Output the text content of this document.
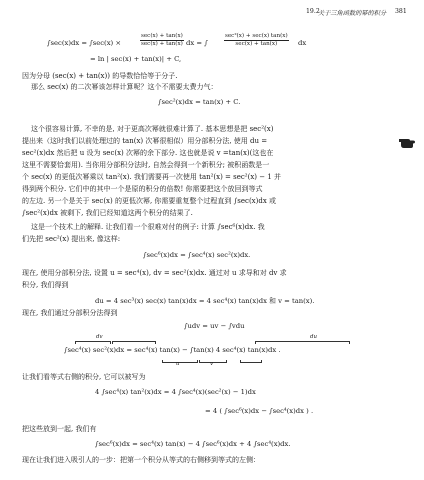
19.2
关于三角函数的幂的积分 381
∫sec(x)dx = ∫sec(x) ×
sec(x) + tan(x)
sec(x) + tan(x) dx = ∫
sec²(x) + sec(x) tan(x)
sec(x) + tan(x)	dx
= ln | sec(x) + tan(x)| + C,
因为分母 (sec(x) + tan(x)) 的导数恰恰等于分子.
那么 sec(x) 的二次幂该怎样计算呢？这个不需要太费力气：
∫sec²(x)dx = tan(x) + C.
这个很容易计算, 不幸的是, 对于更高次幂就很难计算了. 基本思想是把 sec²(x)
提出来（这时我们以前处理过的 tan(x) 次幂很相似）用分部积分法, 使用 du =
sec²(x)dx 然后把 u 设为 sec(x) 次幂的余下部分. 这也就是说 v =tan(x)(这也在
这里不需要恰套用). 当你用分部积分法时, 自然会得到一个新积分; 被积函数是一
个 sec(x) 的更低次幂乘以 tan²(x). 我们需要再一次使用 tan²(x) = sec²(x) − 1 并
得到两个积分. 它们中的其中一个是原的积分的倍数! 你需要把这个放回到等式
的左边. 另一个是关于 sec(x) 的更低次幂, 你需要重复整个过程直到 ∫sec(x)dx 或
∫sec²(x)dx 被剩下, 我们已经知道这两个积分的结果了.
这是一个技术上的解释. 让我们看一个很难对付的例子: 计算 ∫sec⁶(x)dx. 我
们先把 sec²(x) 提出来, 像这样:
∫sec⁶(x)dx = ∫sec⁴(x) sec²(x)dx.
现在, 使用分部积分法, 设置 u = sec⁴(x), dv = sec²(x)dx. 通过对 u 求导和对 dv 求
积分, 我们得到
du = 4 sec³(x) sec(x) tan(x)dx = 4 sec⁴(x) tan(x)dx 和 v = tan(x).
现在, 我们通过分部积分法得到
∫udv = uv − ∫vdu
dv	du
∫sec⁴(x) sec²(x)dx = sec⁴(x) tan(x) − ∫tan(x) 4 sec⁴(x) tan(x)dx .
u	v
让我们看等式右侧的积分, 它可以被写为
4 ∫sec⁴(x) tan²(x)dx = 4 ∫sec⁴(x)(sec²(x) − 1)dx
= 4 ( ∫sec⁶(x)dx − ∫sec⁴(x)dx ) .
把这些放到一起, 我们有
∫sec⁶(x)dx = sec⁴(x) tan(x) − 4 ∫sec⁶(x)dx + 4 ∫sec⁴(x)dx.
现在让我们进入吸引人的一步：把第一个积分从等式的右侧移到等式的左侧：
